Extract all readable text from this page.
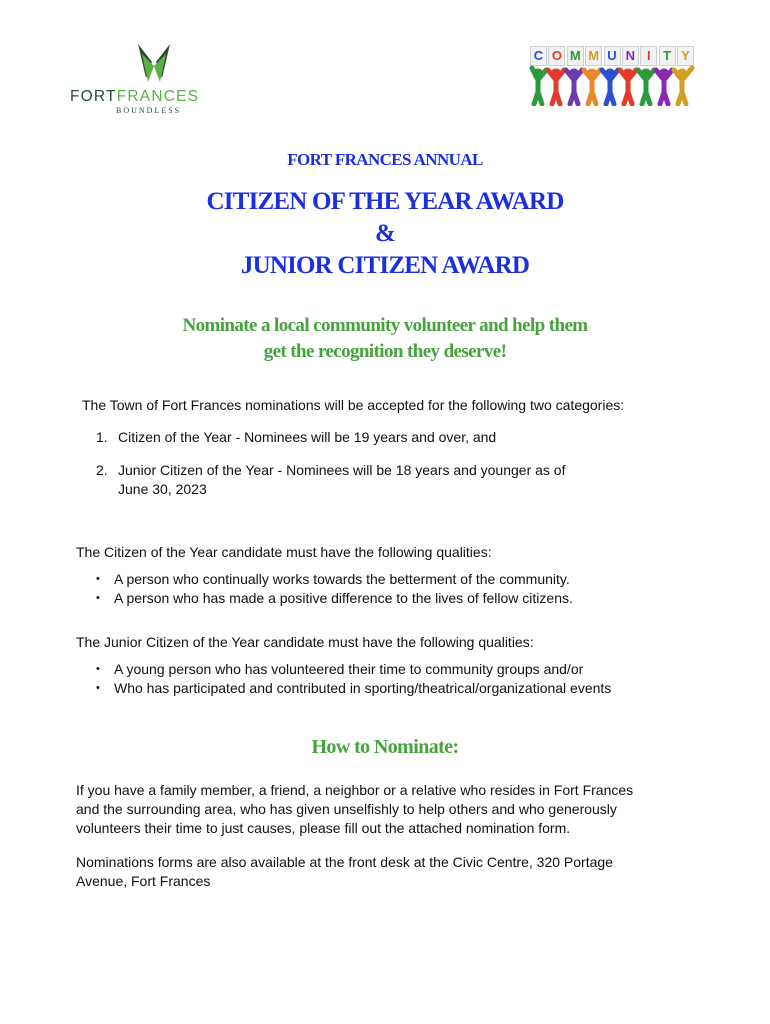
FORTFRANCES
BOUNDLESS
C O M M U N I T Y
FORT FRANCES ANNUAL
CITIZEN OF THE YEAR AWARD
&
JUNIOR CITIZEN AWARD
Nominate a local community volunteer and help them
get the recognition they deserve!
The Town of Fort Frances nominations will be accepted for the following two categories:
1. Citizen of the Year - Nominees will be 19 years and over, and
2. Junior Citizen of the Year - Nominees will be 18 years and younger as of
June 30, 2023
The Citizen of the Year candidate must have the following qualities:
• A person who continually works towards the betterment of the community.
• A person who has made a positive difference to the lives of fellow citizens.
The Junior Citizen of the Year candidate must have the following qualities:
• A young person who has volunteered their time to community groups and/or
• Who has participated and contributed in sporting/theatrical/organizational events
How to Nominate:
If you have a family member, a friend, a neighbor or a relative who resides in Fort Frances
and the surrounding area, who has given unselfishly to help others and who generously
volunteers their time to just causes, please fill out the attached nomination form.
Nominations forms are also available at the front desk at the Civic Centre, 320 Portage
Avenue, Fort Frances
